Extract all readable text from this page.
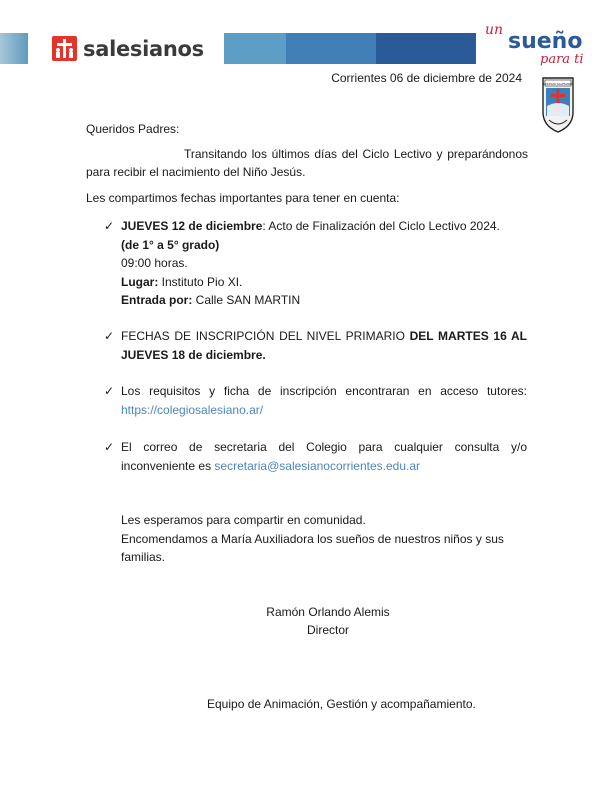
salesianos
un sueño
para ti
COLEGIO SALESIANO
Corrientes 06 de diciembre de 2024
Queridos Padres:
Transitando los últimos días del Ciclo Lectivo y preparándonos para recibir el nacimiento del Niño Jesús.
Les compartimos fechas importantes para tener en cuenta:
✓ JUEVES 12 de diciembre: Acto de Finalización del Ciclo Lectivo 2024.
(de 1° a 5° grado)
09:00 horas.
Lugar: Instituto Pio XI.
Entrada por: Calle SAN MARTIN
✓ FECHAS DE INSCRIPCIÓN DEL NIVEL PRIMARIO DEL MARTES 16 AL JUEVES 18 de diciembre.
✓ Los requisitos y ficha de inscripción encontraran en acceso tutores: https://colegiosalesiano.ar/
✓ El correo de secretaria del Colegio para cualquier consulta y/o inconveniente es secretaria@salesianocorrientes.edu.ar
Les esperamos para compartir en comunidad.
Encomendamos a María Auxiliadora los sueños de nuestros niños y sus familias.
Ramón Orlando Alemis
Director
Equipo de Animación, Gestión y acompañamiento.
